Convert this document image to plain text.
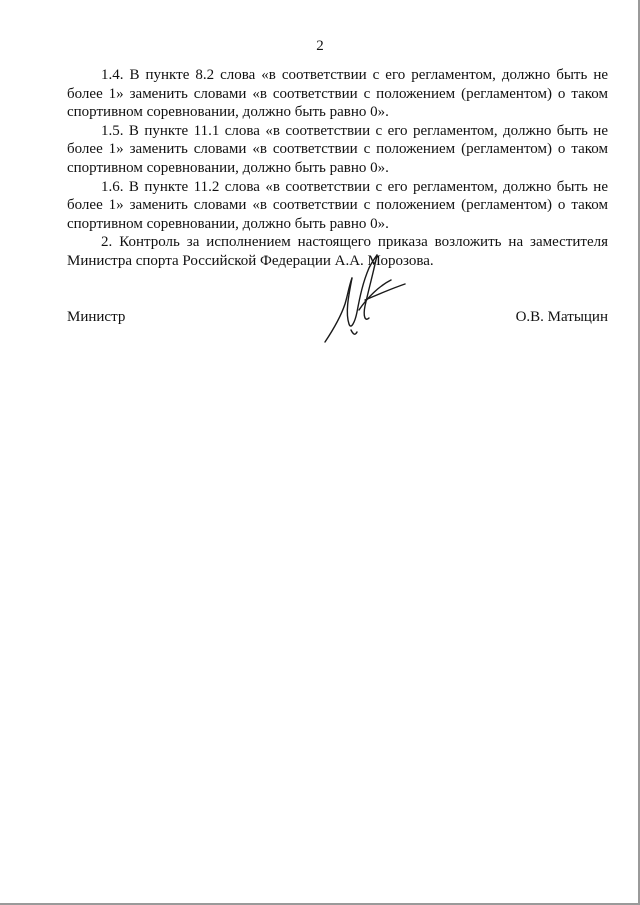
2

1.4. В пункте 8.2 слова «в соответствии с его регламентом, должно быть не более 1» заменить словами «в соответствии с положением (регламентом) о таком спортивном соревновании, должно быть равно 0».

1.5. В пункте 11.1 слова «в соответствии с его регламентом, должно быть не более 1» заменить словами «в соответствии с положением (регламентом) о таком спортивном соревновании, должно быть равно 0».

1.6. В пункте 11.2 слова «в соответствии с его регламентом, должно быть не более 1» заменить словами «в соответствии с положением (регламентом) о таком спортивном соревновании, должно быть равно 0».

2. Контроль за исполнением настоящего приказа возложить на заместителя Министра спорта Российской Федерации А.А. Морозова.

Министр	О.В. Матыцин
